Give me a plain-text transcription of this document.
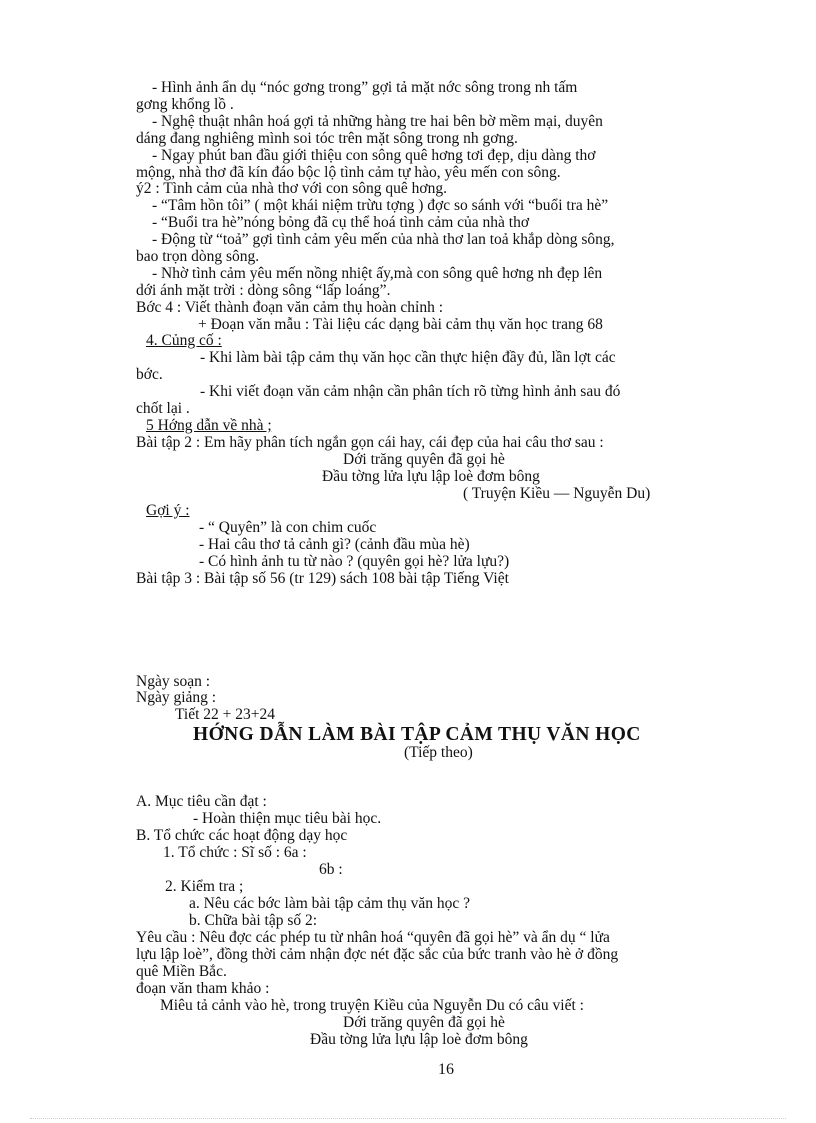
- Hình ảnh ẩn dụ “nóc gơng trong” gợi tả mặt nớc sông trong nh tấm
gơng khổng lồ .
- Nghệ thuật nhân hoá gợi tả những hàng tre hai bên bờ mềm mại, duyên
dáng đang nghiêng mình soi tóc trên mặt sông trong nh gơng.
- Ngay phút ban đầu giới thiệu con sông quê hơng tơi đẹp, dịu dàng thơ
mộng, nhà thơ đã kín đáo bộc lộ tình cảm tự hào, yêu mến con sông.
ý2 : Tình cảm của nhà thơ với con sông quê hơng.
- “Tâm hồn tôi” ( một khái niệm trừu tợng ) đợc so sánh với “buổi tra hè”
- “Buổi tra hè”nóng bỏng đã cụ thể hoá tình cảm của nhà thơ
- Động từ “toả” gợi tình cảm yêu mến của nhà thơ lan toả khắp dòng sông,
bao trọn dòng sông.
- Nhờ tình cảm yêu mến nồng nhiệt ấy,mà con sông quê hơng nh đẹp lên
dới ánh mặt trời : dòng sông “lấp loáng”.
Bớc 4 : Viết thành đoạn văn cảm thụ hoàn chỉnh :
+ Đoạn văn mẫu : Tài liệu các dạng bài cảm thụ văn học trang 68
4. Củng cố :
- Khi làm bài tập cảm thụ văn học cần thực hiện đầy đủ, lần lợt các
bớc.
- Khi viết đoạn văn cảm nhận cần phân tích rõ từng hình ảnh sau đó
chốt lại .
5 Hớng dẫn về nhà ;
Bài tập 2 : Em hãy phân tích ngắn gọn cái hay, cái đẹp của hai câu thơ sau :
Dới trăng quyên đã gọi hè
Đầu tờng lửa lựu lập loè đơm bông
( Truyện Kiều — Nguyễn Du)
Gợi ý :
- “ Quyên” là con chim cuốc
- Hai câu thơ tả cảnh gì? (cảnh đầu mùa hè)
- Có hình ảnh tu từ nào ? (quyên gọi hè? lửa lựu?)
Bài tập 3 : Bài tập số 56 (tr 129) sách 108 bài tập Tiếng Việt
Ngày soạn :
Ngày giảng :
Tiết 22 + 23+24
HỚNG DẪN LÀM BÀI TẬP CẢM THỤ VĂN HỌC
(Tiếp theo)
A. Mục tiêu cần đạt :
- Hoàn thiện mục tiêu bài học.
B. Tổ chức các hoạt động dạy học
1. Tổ chức : Sĩ số : 6a :
6b :
2. Kiểm tra ;
a. Nêu các bớc làm bài tập cảm thụ văn học ?
b. Chữa bài tập số 2:
Yêu cầu : Nêu đợc các phép tu từ nhân hoá “quyên đã gọi hè” và ẩn dụ “ lửa
lựu lập loè”, đồng thời cảm nhận đợc nét đặc sắc của bức tranh vào hè ở đồng
quê Miền Bắc.
đoạn văn tham khảo :
Miêu tả cảnh vào hè, trong truyện Kiều của Nguyễn Du có câu viết :
Dới trăng quyên đã gọi hè
Đầu tờng lửa lựu lập loè đơm bông
16
